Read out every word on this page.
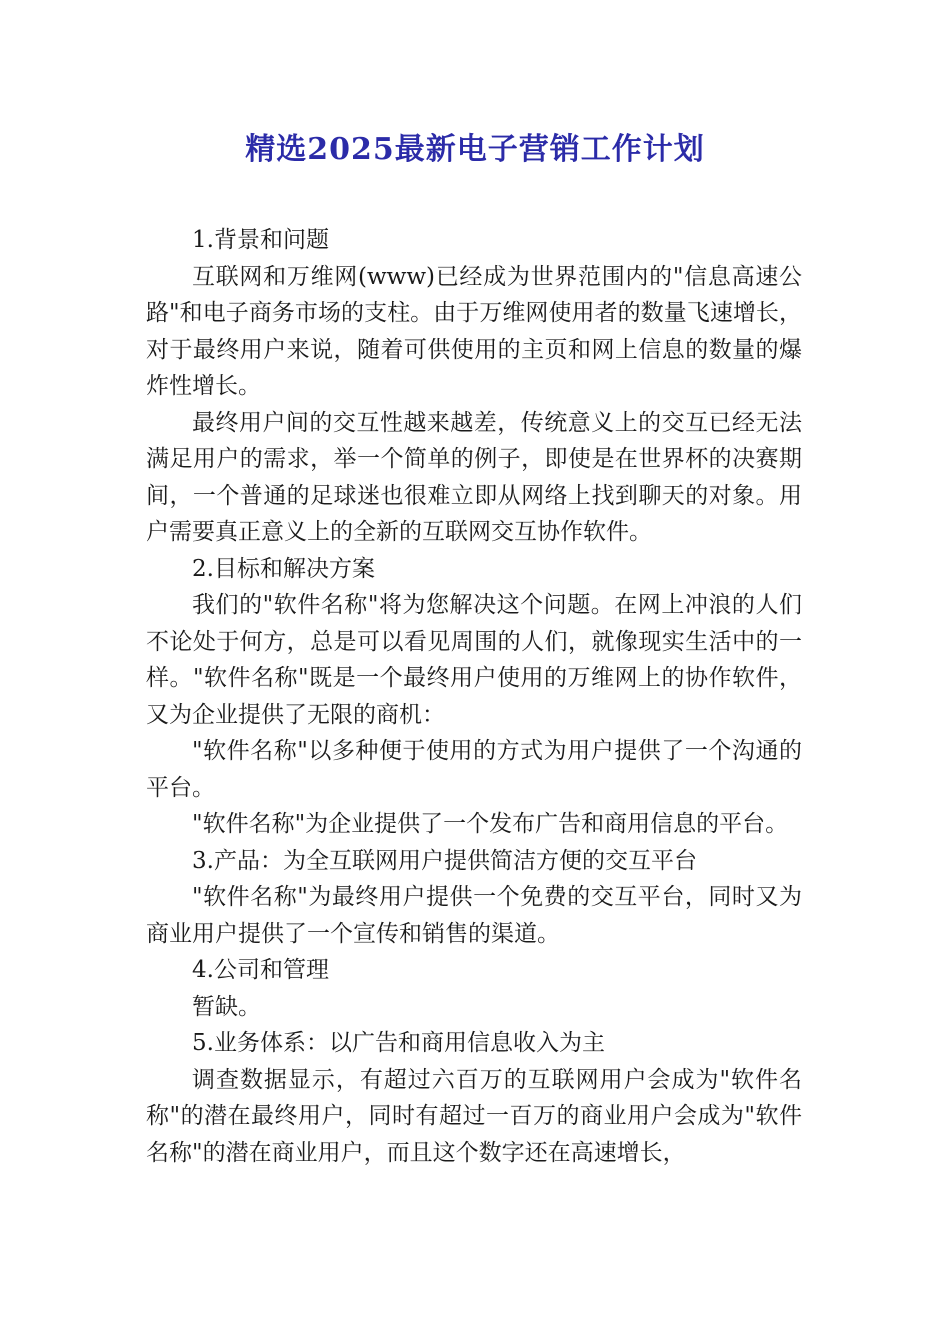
精选2025最新电子营销工作计划

1.背景和问题

互联网和万维网(www)已经成为世界范围内的"信息高速公路"和电子商务市场的支柱。由于万维网使用者的数量飞速增长，对于最终用户来说，随着可供使用的主页和网上信息的数量的爆炸性增长。

最终用户间的交互性越来越差，传统意义上的交互已经无法满足用户的需求，举一个简单的例子，即使是在世界杯的决赛期间，一个普通的足球迷也很难立即从网络上找到聊天的对象。用户需要真正意义上的全新的互联网交互协作软件。

2.目标和解决方案

我们的"软件名称"将为您解决这个问题。在网上冲浪的人们不论处于何方，总是可以看见周围的人们，就像现实生活中的一样。"软件名称"既是一个最终用户使用的万维网上的协作软件，又为企业提供了无限的商机：

"软件名称"以多种便于使用的方式为用户提供了一个沟通的平台。

"软件名称"为企业提供了一个发布广告和商用信息的平台。

3.产品：为全互联网用户提供简洁方便的交互平台

"软件名称"为最终用户提供一个免费的交互平台，同时又为商业用户提供了一个宣传和销售的渠道。

4.公司和管理

暂缺。

5.业务体系：以广告和商用信息收入为主

调查数据显示，有超过六百万的互联网用户会成为"软件名称"的潜在最终用户，同时有超过一百万的商业用户会成为"软件名称"的潜在商业用户，而且这个数字还在高速增长，
